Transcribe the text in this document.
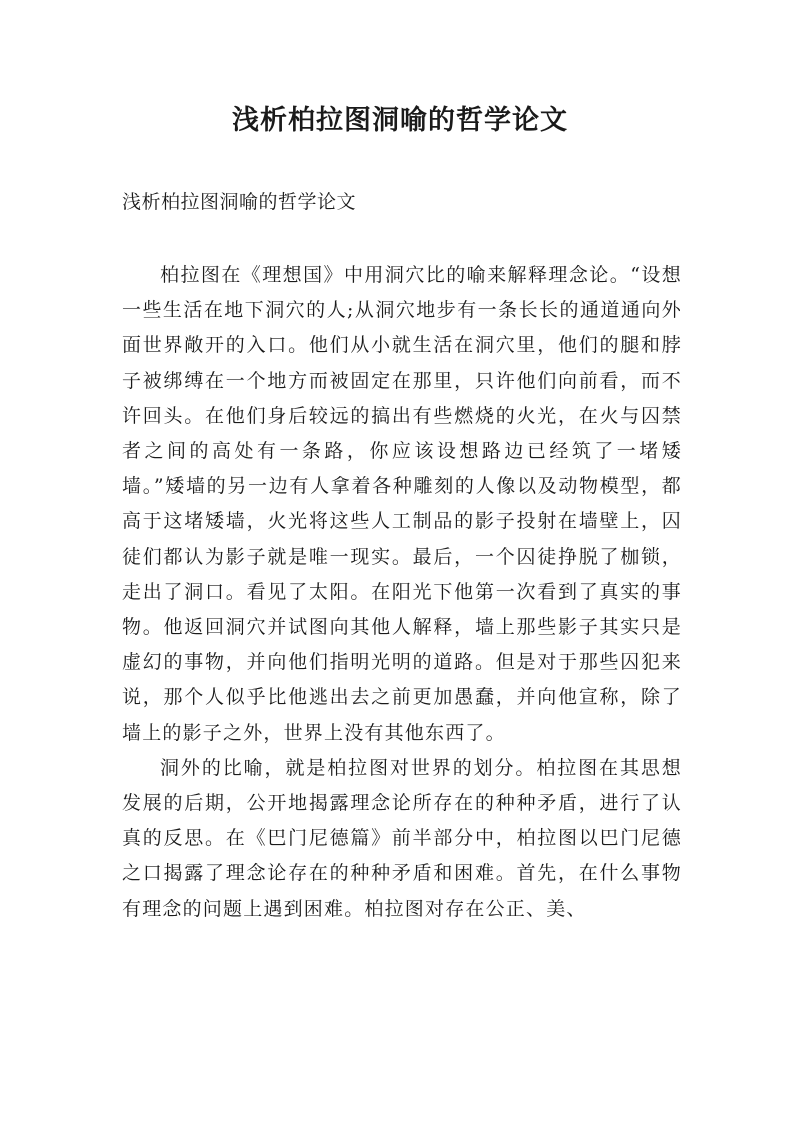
浅析柏拉图洞喻的哲学论文

浅析柏拉图洞喻的哲学论文

柏拉图在《理想国》中用洞穴比的喻来解释理念论。“设想一些生活在地下洞穴的人;从洞穴地步有一条长长的通道通向外面世界敞开的入口。他们从小就生活在洞穴里，他们的腿和脖子被绑缚在一个地方而被固定在那里，只许他们向前看，而不许回头。在他们身后较远的搞出有些燃烧的火光，在火与囚禁者之间的高处有一条路，你应该设想路边已经筑了一堵矮墙。”矮墙的另一边有人拿着各种雕刻的人像以及动物模型，都高于这堵矮墙，火光将这些人工制品的影子投射在墙壁上，囚徒们都认为影子就是唯一现实。最后，一个囚徒挣脱了枷锁，走出了洞口。看见了太阳。在阳光下他第一次看到了真实的事物。他返回洞穴并试图向其他人解释，墙上那些影子其实只是虚幻的事物，并向他们指明光明的道路。但是对于那些囚犯来说，那个人似乎比他逃出去之前更加愚蠢，并向他宣称，除了墙上的影子之外，世界上没有其他东西了。

洞外的比喻，就是柏拉图对世界的划分。柏拉图在其思想发展的后期，公开地揭露理念论所存在的种种矛盾，进行了认真的反思。在《巴门尼德篇》前半部分中，柏拉图以巴门尼德之口揭露了理念论存在的种种矛盾和困难。首先，在什么事物有理念的问题上遇到困难。柏拉图对存在公正、美、
